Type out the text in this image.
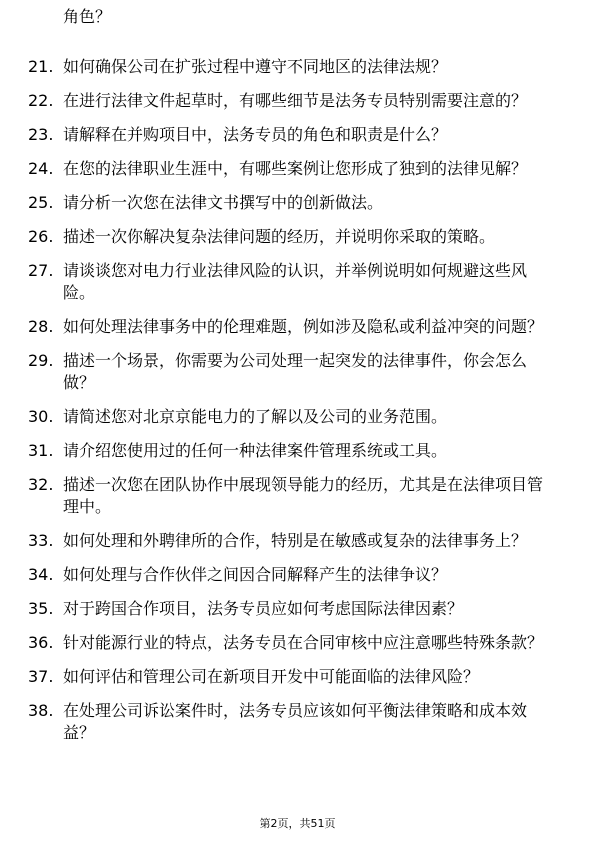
角色？

21. 如何确保公司在扩张过程中遵守不同地区的法律法规？
22. 在进行法律文件起草时，有哪些细节是法务专员特别需要注意的？
23. 请解释在并购项目中，法务专员的角色和职责是什么？
24. 在您的法律职业生涯中，有哪些案例让您形成了独到的法律见解？
25. 请分析一次您在法律文书撰写中的创新做法。
26. 描述一次你解决复杂法律问题的经历，并说明你采取的策略。
27. 请谈谈您对电力行业法律风险的认识，并举例说明如何规避这些风险。
28. 如何处理法律事务中的伦理难题，例如涉及隐私或利益冲突的问题？
29. 描述一个场景，你需要为公司处理一起突发的法律事件，你会怎么做？
30. 请简述您对北京京能电力的了解以及公司的业务范围。
31. 请介绍您使用过的任何一种法律案件管理系统或工具。
32. 描述一次您在团队协作中展现领导能力的经历，尤其是在法律项目管理中。
33. 如何处理和外聘律所的合作，特别是在敏感或复杂的法律事务上？
34. 如何处理与合作伙伴之间因合同解释产生的法律争议？
35. 对于跨国合作项目，法务专员应如何考虑国际法律因素？
36. 针对能源行业的特点，法务专员在合同审核中应注意哪些特殊条款？
37. 如何评估和管理公司在新项目开发中可能面临的法律风险？
38. 在处理公司诉讼案件时，法务专员应该如何平衡法律策略和成本效益？
第2页，共51页
